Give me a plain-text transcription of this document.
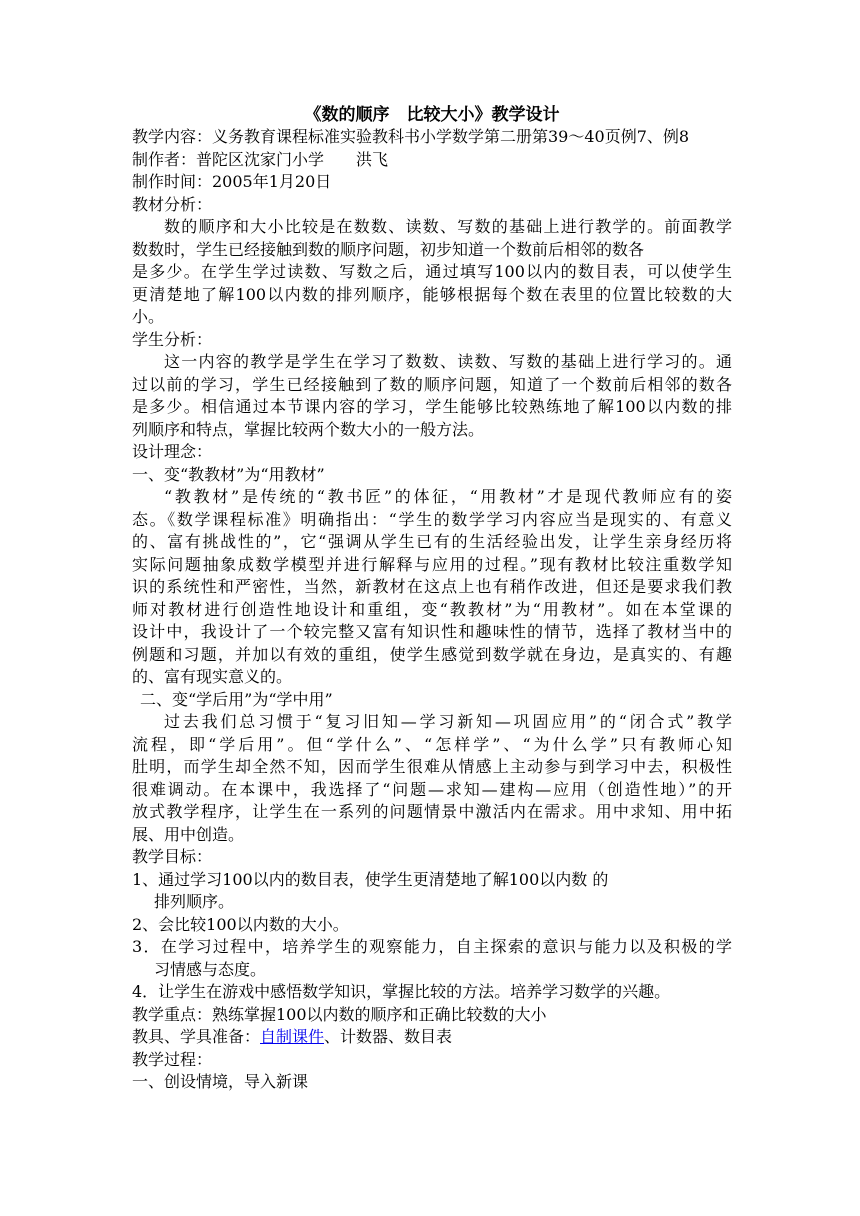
《数的顺序　比较大小》教学设计
教学内容：义务教育课程标准实验教科书小学数学第二册第39～40页例7、例8
制作者：普陀区沈家门小学　　洪飞
制作时间：2005年1月20日
教材分析：
数的顺序和大小比较是在数数、读数、写数的基础上进行教学的。前面教学
数数时，学生已经接触到数的顺序问题，初步知道一个数前后相邻的数各
是多少。在学生学过读数、写数之后，通过填写100以内的数目表，可以使学生
更清楚地了解100以内数的排列顺序，能够根据每个数在表里的位置比较数的大
小。
学生分析：
这一内容的教学是学生在学习了数数、读数、写数的基础上进行学习的。通
过以前的学习，学生已经接触到了数的顺序问题，知道了一个数前后相邻的数各
是多少。相信通过本节课内容的学习，学生能够比较熟练地了解100以内数的排
列顺序和特点，掌握比较两个数大小的一般方法。
设计理念：
一、变“教教材”为“用教材”
“教教材”是传统的“教书匠”的体征，“用教材”才是现代教师应有的姿
态。《数学课程标准》明确指出：“学生的数学学习内容应当是现实的、有意义
的、富有挑战性的”，它“强调从学生已有的生活经验出发，让学生亲身经历将
实际问题抽象成数学模型并进行解释与应用的过程。”现有教材比较注重数学知
识的系统性和严密性，当然，新教材在这点上也有稍作改进，但还是要求我们教
师对教材进行创造性地设计和重组，变“教教材”为“用教材”。如在本堂课的
设计中，我设计了一个较完整又富有知识性和趣味性的情节，选择了教材当中的
例题和习题，并加以有效的重组，使学生感觉到数学就在身边，是真实的、有趣
的、富有现实意义的。
二、变“学后用”为“学中用”
过去我们总习惯于“复习旧知—学习新知—巩固应用”的“闭合式”教学
流程，即“学后用”。但“学什么”、“怎样学”、“为什么学”只有教师心知
肚明，而学生却全然不知，因而学生很难从情感上主动参与到学习中去，积极性
很难调动。在本课中，我选择了“问题—求知—建构—应用（创造性地）”的开
放式教学程序，让学生在一系列的问题情景中激活内在需求。用中求知、用中拓
展、用中创造。
教学目标：
1、通过学习100以内的数目表，使学生更清楚地了解100以内数 的
排列顺序。
2、会比较100以内数的大小。
3．在学习过程中，培养学生的观察能力，自主探索的意识与能力以及积极的学
习情感与态度。
4．让学生在游戏中感悟数学知识，掌握比较的方法。培养学习数学的兴趣。
教学重点：熟练掌握100以内数的顺序和正确比较数的大小
教具、学具准备：自制课件、计数器、数目表
教学过程：
一、创设情境，导入新课
